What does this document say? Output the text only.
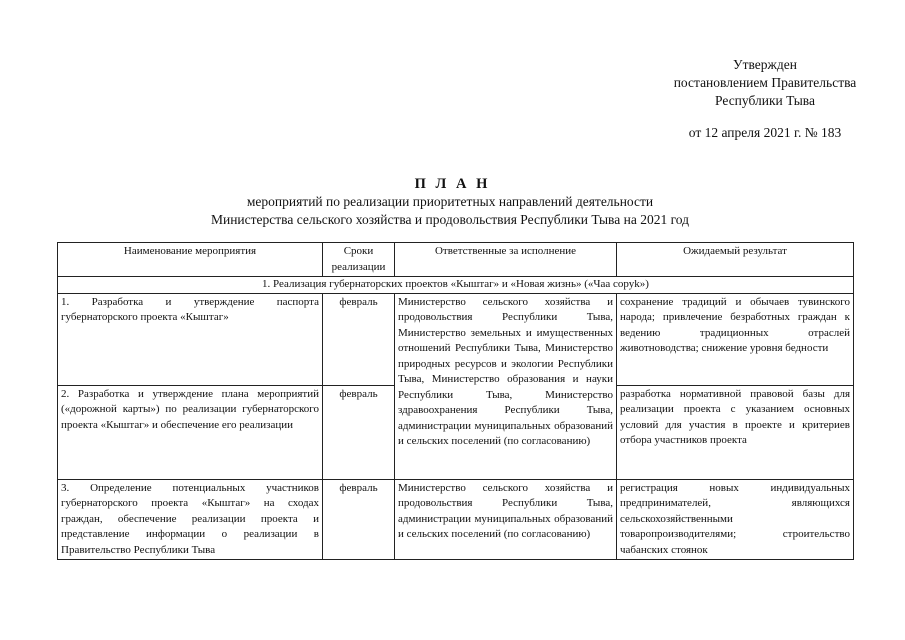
Утвержден
постановлением Правительства
Республики Тыва
от 12 апреля 2021 г. № 183
П Л А Н
мероприятий по реализации приоритетных направлений деятельности
Министерства сельского хозяйства и продовольствия Республики Тыва на 2021 год
Наименование мероприятия	Сроки реализации	Ответственные за исполнение	Ожидаемый результат
1. Реализация губернаторских проектов «Кыштаг» и «Новая жизнь» («Чаа соруk»)			
1. Разработка и утверждение паспорта губернаторского проекта «Кыштаг»	февраль	Министерство сельского хозяйства и продовольствия Республики Тыва, Министерство земельных и имущественных отношений Республики Тыва, Министерство природных ресурсов и экологии Республики Тыва, Министерство образования и науки Республики Тыва, Министерство здравоохранения Республики Тыва, администрации муниципальных образований и сельских поселений (по согласованию)	сохранение традиций и обычаев тувинского народа; привлечение безработных граждан к ведению традиционных отраслей животноводства; снижение уровня бедности
2. Разработка и утверждение плана мероприятий («дорожной карты») по реализации губернаторского проекта «Кыштаг» и обеспечение его реализации	февраль		разработка нормативной правовой базы для реализации проекта с указанием основных условий для участия в проекте и критериев отбора участников проекта
3. Определение потенциальных участников губернаторского проекта «Кыштаг» на сходах граждан, обеспечение реализации проекта и представление информации о реализации в Правительство Республики Тыва	февраль	Министерство сельского хозяйства и продовольствия Республики Тыва, администрации муниципальных образований и сельских поселений (по согласованию)	регистрация новых индивидуальных предпринимателей, являющихся сельскохозяйственными товаропроизводителями; строительство чабанских стоянок
